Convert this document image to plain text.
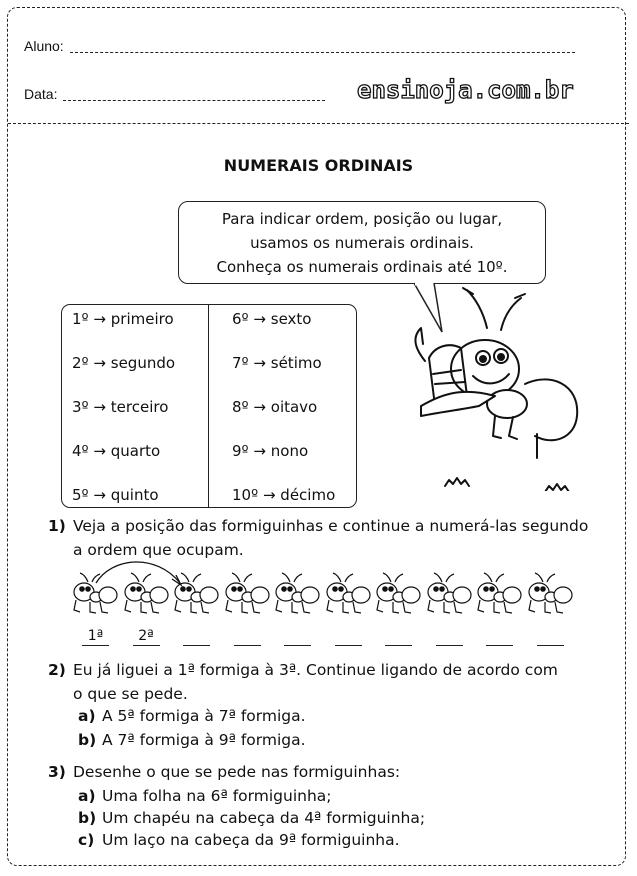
Aluno:
Data:	ensinoja.com.br
NUMERAIS ORDINAIS
Para indicar ordem, posição ou lugar,
usamos os numerais ordinais.
Conheça os numerais ordinais até 10º.
1º → primeiro
2º → segundo
3º → terceiro
4º → quarto
5º → quinto
6º → sexto
7º → sétimo
8º → oitavo
9º → nono
10º → décimo
1) Veja a posição das formiguinhas e continue a numerá-las segundo
a ordem que ocupam.
1ª	2ª
2) Eu já liguei a 1ª formiga à 3ª. Continue ligando de acordo com
o que se pede.
a) A 5ª formiga à 7ª formiga.
b) A 7ª formiga à 9ª formiga.
3) Desenhe o que se pede nas formiguinhas:
a) Uma folha na 6ª formiguinha;
b) Um chapéu na cabeça da 4ª formiguinha;
c) Um laço na cabeça da 9ª formiguinha.
